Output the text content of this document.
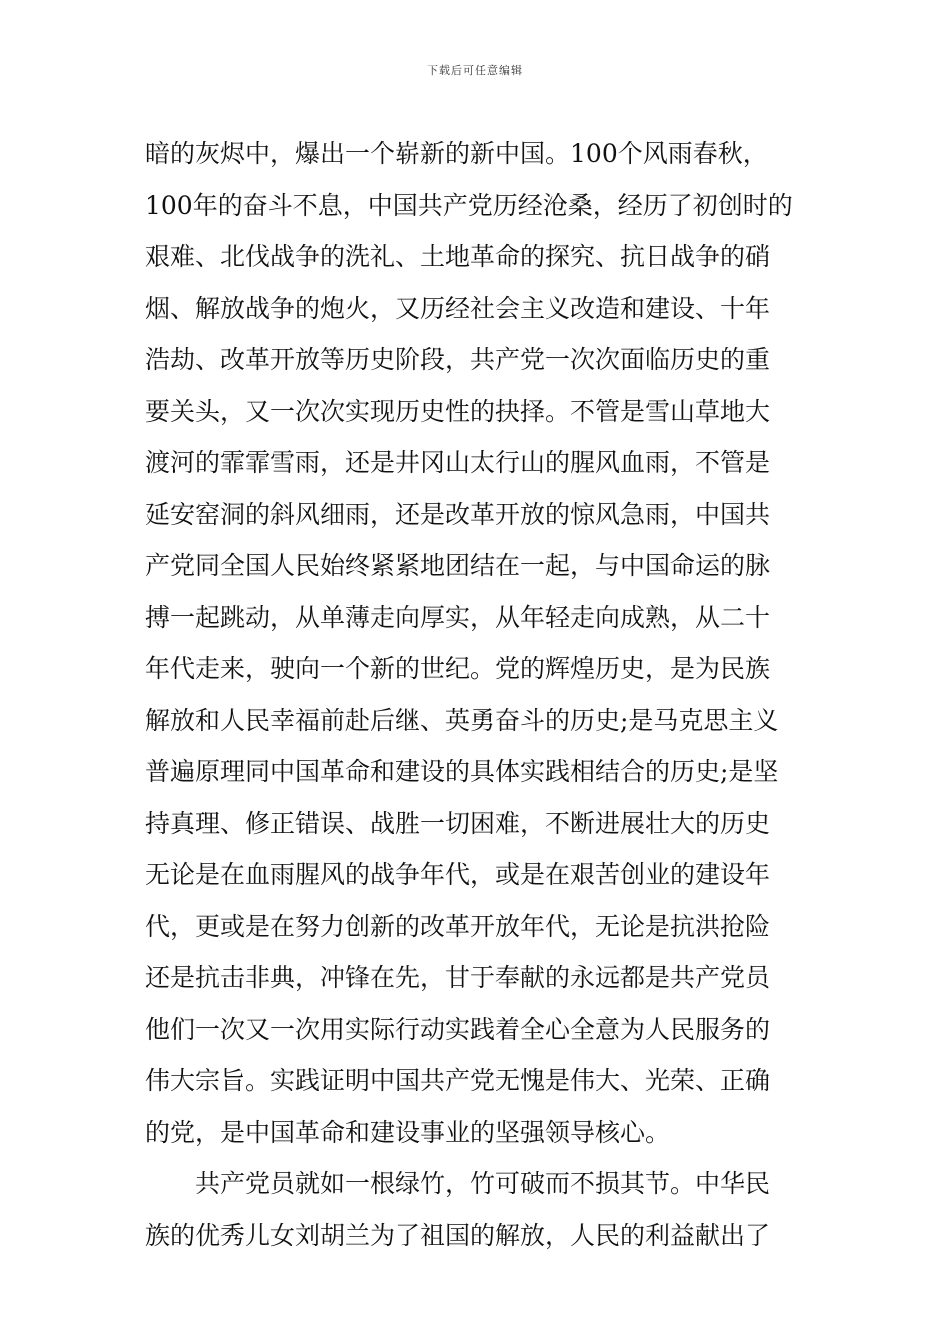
下载后可任意编辑
暗的灰烬中，爆出一个崭新的新中国。100个风雨春秋，
100年的奋斗不息，中国共产党历经沧桑，经历了初创时的
艰难、北伐战争的洗礼、土地革命的探究、抗日战争的硝
烟、解放战争的炮火，又历经社会主义改造和建设、十年
浩劫、改革开放等历史阶段，共产党一次次面临历史的重
要关头，又一次次实现历史性的抉择。不管是雪山草地大
渡河的霏霏雪雨，还是井冈山太行山的腥风血雨，不管是
延安窑洞的斜风细雨，还是改革开放的惊风急雨，中国共
产党同全国人民始终紧紧地团结在一起，与中国命运的脉
搏一起跳动，从单薄走向厚实，从年轻走向成熟，从二十
年代走来，驶向一个新的世纪。党的辉煌历史，是为民族
解放和人民幸福前赴后继、英勇奋斗的历史;是马克思主义
普遍原理同中国革命和建设的具体实践相结合的历史;是坚
持真理、修正错误、战胜一切困难，不断进展壮大的历史
无论是在血雨腥风的战争年代，或是在艰苦创业的建设年
代，更或是在努力创新的改革开放年代，无论是抗洪抢险
还是抗击非典，冲锋在先，甘于奉献的永远都是共产党员
他们一次又一次用实际行动实践着全心全意为人民服务的
伟大宗旨。实践证明中国共产党无愧是伟大、光荣、正确
的党，是中国革命和建设事业的坚强领导核心。
共产党员就如一根绿竹，竹可破而不损其节。中华民
族的优秀儿女刘胡兰为了祖国的解放，人民的利益献出了
